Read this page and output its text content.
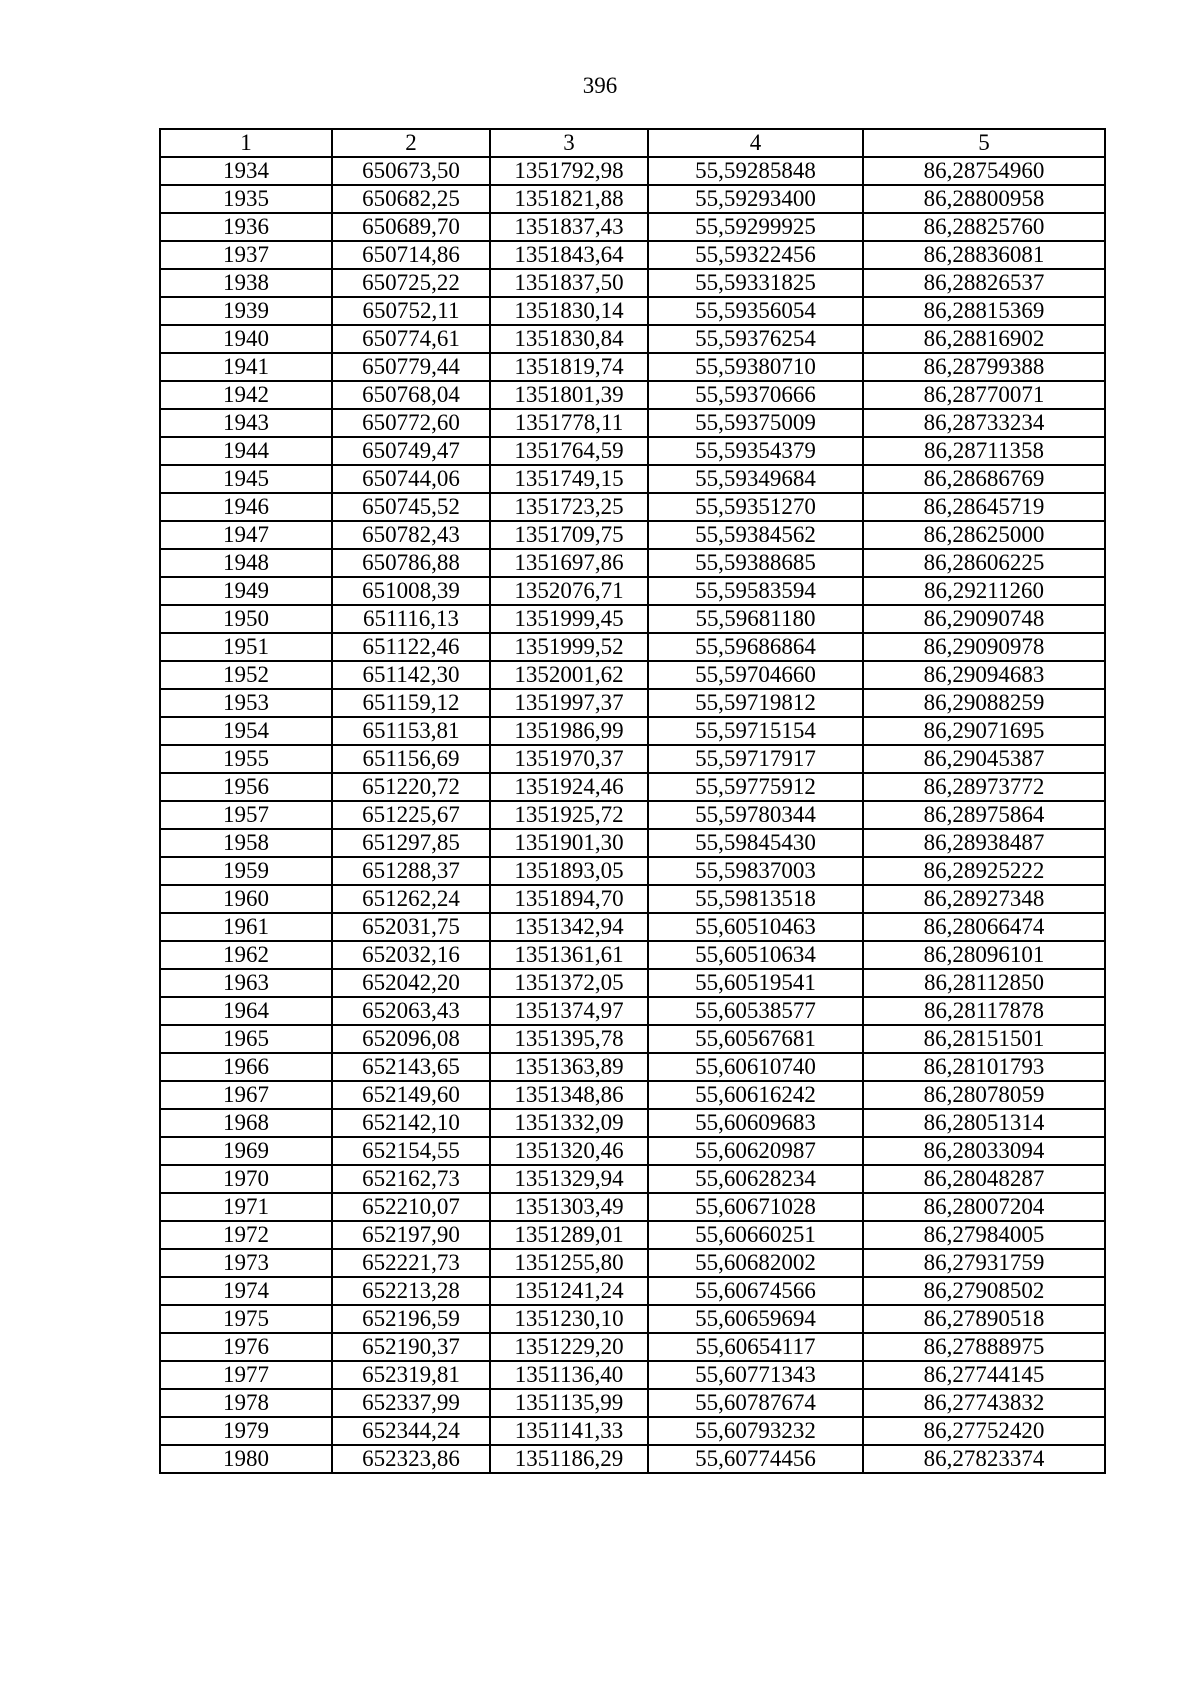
396
1	2	3	4	5
1934	650673,50	1351792,98	55,59285848	86,28754960
1935	650682,25	1351821,88	55,59293400	86,28800958
1936	650689,70	1351837,43	55,59299925	86,28825760
1937	650714,86	1351843,64	55,59322456	86,28836081
1938	650725,22	1351837,50	55,59331825	86,28826537
1939	650752,11	1351830,14	55,59356054	86,28815369
1940	650774,61	1351830,84	55,59376254	86,28816902
1941	650779,44	1351819,74	55,59380710	86,28799388
1942	650768,04	1351801,39	55,59370666	86,28770071
1943	650772,60	1351778,11	55,59375009	86,28733234
1944	650749,47	1351764,59	55,59354379	86,28711358
1945	650744,06	1351749,15	55,59349684	86,28686769
1946	650745,52	1351723,25	55,59351270	86,28645719
1947	650782,43	1351709,75	55,59384562	86,28625000
1948	650786,88	1351697,86	55,59388685	86,28606225
1949	651008,39	1352076,71	55,59583594	86,29211260
1950	651116,13	1351999,45	55,59681180	86,29090748
1951	651122,46	1351999,52	55,59686864	86,29090978
1952	651142,30	1352001,62	55,59704660	86,29094683
1953	651159,12	1351997,37	55,59719812	86,29088259
1954	651153,81	1351986,99	55,59715154	86,29071695
1955	651156,69	1351970,37	55,59717917	86,29045387
1956	651220,72	1351924,46	55,59775912	86,28973772
1957	651225,67	1351925,72	55,59780344	86,28975864
1958	651297,85	1351901,30	55,59845430	86,28938487
1959	651288,37	1351893,05	55,59837003	86,28925222
1960	651262,24	1351894,70	55,59813518	86,28927348
1961	652031,75	1351342,94	55,60510463	86,28066474
1962	652032,16	1351361,61	55,60510634	86,28096101
1963	652042,20	1351372,05	55,60519541	86,28112850
1964	652063,43	1351374,97	55,60538577	86,28117878
1965	652096,08	1351395,78	55,60567681	86,28151501
1966	652143,65	1351363,89	55,60610740	86,28101793
1967	652149,60	1351348,86	55,60616242	86,28078059
1968	652142,10	1351332,09	55,60609683	86,28051314
1969	652154,55	1351320,46	55,60620987	86,28033094
1970	652162,73	1351329,94	55,60628234	86,28048287
1971	652210,07	1351303,49	55,60671028	86,28007204
1972	652197,90	1351289,01	55,60660251	86,27984005
1973	652221,73	1351255,80	55,60682002	86,27931759
1974	652213,28	1351241,24	55,60674566	86,27908502
1975	652196,59	1351230,10	55,60659694	86,27890518
1976	652190,37	1351229,20	55,60654117	86,27888975
1977	652319,81	1351136,40	55,60771343	86,27744145
1978	652337,99	1351135,99	55,60787674	86,27743832
1979	652344,24	1351141,33	55,60793232	86,27752420
1980	652323,86	1351186,29	55,60774456	86,27823374
